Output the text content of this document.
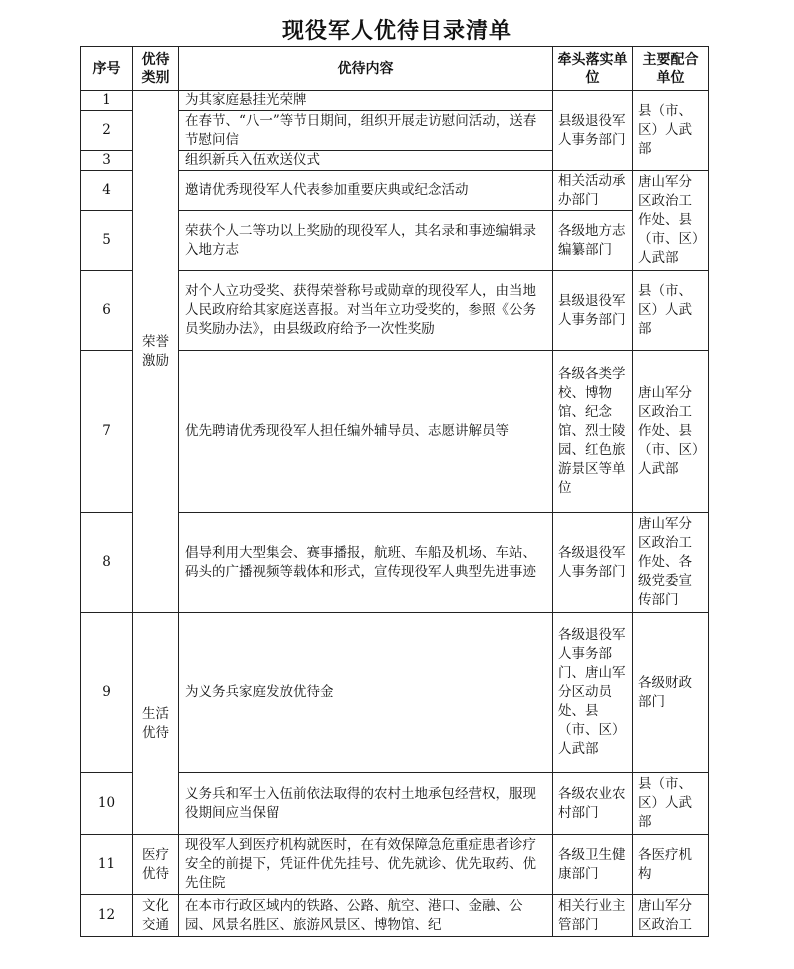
现役军人优待目录清单
序号	优待类别	优待内容	牵头落实单位	主要配合单位
1	荣誉激励	为其家庭悬挂光荣牌	县级退役军人事务部门	县（市、区）人武部
2		在春节、“八一”等节日期间，组织开展走访慰问活动，送春节慰问信		
3		组织新兵入伍欢送仪式		
4		邀请优秀现役军人代表参加重要庆典或纪念活动	相关活动承办部门	唐山军分区政治工作处、县（市、区）人武部
5		荣获个人二等功以上奖励的现役军人，其名录和事迹编辑录入地方志	各级地方志编纂部门	
6		对个人立功受奖、获得荣誉称号或勋章的现役军人，由当地人民政府给其家庭送喜报。对当年立功受奖的，参照《公务员奖励办法》，由县级政府给予一次性奖励	县级退役军人事务部门	县（市、区）人武部
7		优先聘请优秀现役军人担任编外辅导员、志愿讲解员等	各级各类学校、博物馆、纪念馆、烈士陵园、红色旅游景区等单位	唐山军分区政治工作处、县（市、区）人武部
8		倡导利用大型集会、赛事播报，航班、车船及机场、车站、码头的广播视频等载体和形式，宣传现役军人典型先进事迹	各级退役军人事务部门	唐山军分区政治工作处、各级党委宣传部门
9	生活优待	为义务兵家庭发放优待金	各级退役军人事务部门、唐山军分区动员处、县（市、区）人武部	各级财政部门
10		义务兵和军士入伍前依法取得的农村土地承包经营权，服现役期间应当保留	各级农业农村部门	县（市、区）人武部
11	医疗优待	现役军人到医疗机构就医时，在有效保障急危重症患者诊疗安全的前提下，凭证件优先挂号、优先就诊、优先取药、优先住院	各级卫生健康部门	各医疗机构
12	文化交通	在本市行政区域内的铁路、公路、航空、港口、金融、公园、风景名胜区、旅游风景区、博物馆、纪	相关行业主管部门	唐山军分区政治工
